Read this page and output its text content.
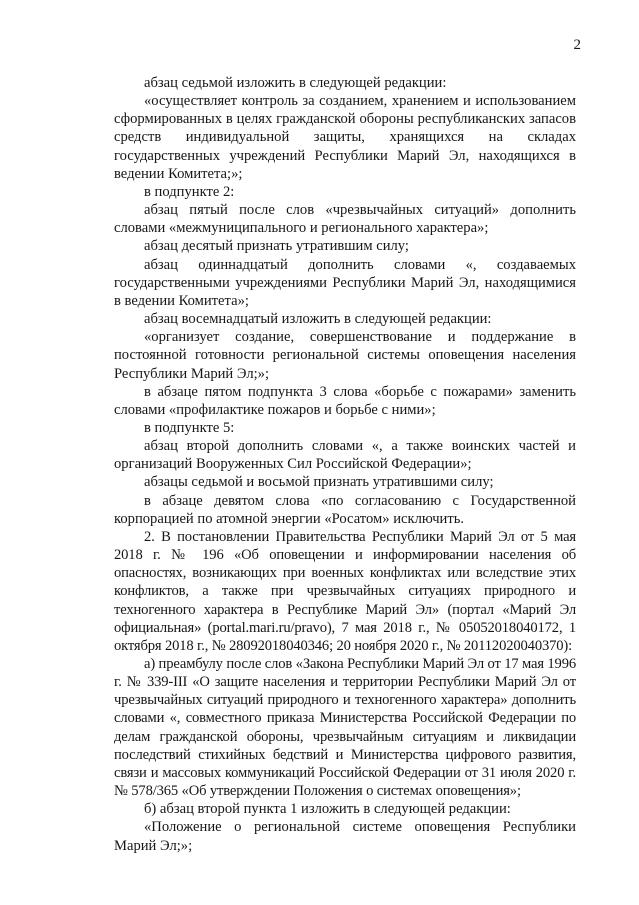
2

абзац седьмой изложить в следующей редакции:

«осуществляет контроль за созданием, хранением и использованием сформированных в целях гражданской обороны республиканских запасов средств индивидуальной защиты, хранящихся на складах государственных учреждений Республики Марий Эл, находящихся в ведении Комитета;»;

в подпункте 2:

абзац пятый после слов «чрезвычайных ситуаций» дополнить словами «межмуниципального и регионального характера»;

абзац десятый признать утратившим силу;

абзац одиннадцатый дополнить словами «, создаваемых государственными учреждениями Республики Марий Эл, находящимися в ведении Комитета»;

абзац восемнадцатый изложить в следующей редакции:

«организует создание, совершенствование и поддержание в постоянной готовности региональной системы оповещения населения Республики Марий Эл;»;

в абзаце пятом подпункта 3 слова «борьбе с пожарами» заменить словами «профилактике пожаров и борьбе с ними»;

в подпункте 5:

абзац второй дополнить словами «, а также воинских частей и организаций Вооруженных Сил Российской Федерации»;

абзацы седьмой и восьмой признать утратившими силу;

в абзаце девятом слова «по согласованию с Государственной корпорацией по атомной энергии «Росатом» исключить.

2. В постановлении Правительства Республики Марий Эл от 5 мая 2018 г. № 196 «Об оповещении и информировании населения об опасностях, возникающих при военных конфликтах или вследствие этих конфликтов, а также при чрезвычайных ситуациях природного и техногенного характера в Республике Марий Эл» (портал «Марий Эл официальная» (portal.mari.ru/pravo), 7 мая 2018 г., № 05052018040172, 1 октября 2018 г., № 28092018040346; 20 ноября 2020 г., № 20112020040370):

а) преамбулу после слов «Закона Республики Марий Эл от 17 мая 1996 г. № 339-III «О защите населения и территории Республики Марий Эл от чрезвычайных ситуаций природного и техногенного характера» дополнить словами «, совместного приказа Министерства Российской Федерации по делам гражданской обороны, чрезвычайным ситуациям и ликвидации последствий стихийных бедствий и Министерства цифрового развития, связи и массовых коммуникаций Российской Федерации от 31 июля 2020 г. № 578/365 «Об утверждении Положения о системах оповещения»;

б) абзац второй пункта 1 изложить в следующей редакции:

«Положение о региональной системе оповещения Республики Марий Эл;»;
